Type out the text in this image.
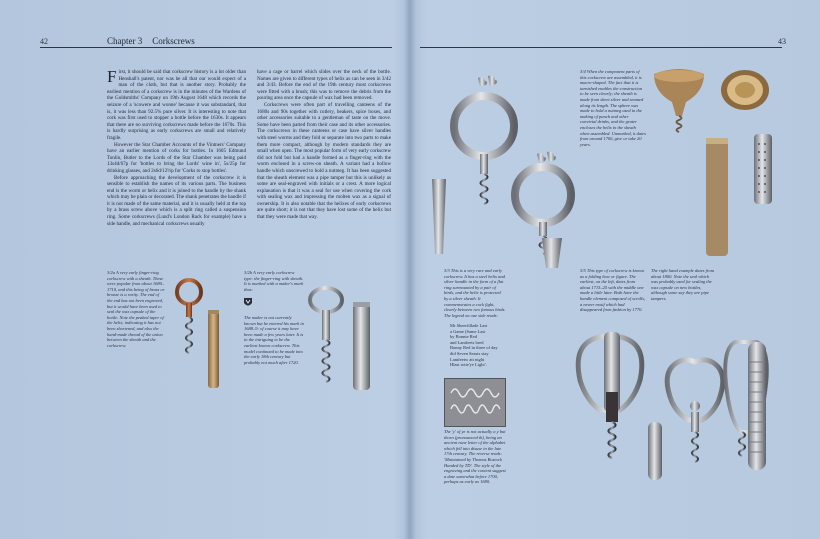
42	Chapter 3 Corkscrews	43
F irst, it should be said that corkscrew history is a lot older than Henshall's patent, nor was he all that our would expect of a man of the cloth, but that is another story. Probably the earliest mention of a corkscrew is in the minutes of the Wardens of the Goldsmiths' Company on 19th August 1648 which records the seizure of a 'scowere and wonne' because it was substandard, that is, it was less than 92.5% pure silver. It is interesting to note that cork was first used to stopper a bottle before the 1630s. It appears that there are no surviving corkscrews made before the 1670s. This is hardly surprising as early corkscrews are small and relatively fragile.

However the Star Chamber Accounts of the Vintners' Company have an earlier mention of corks for bottles. In 1605 Edmund Tonlin, Butler to the Lords of the Star Chamber was being paid 13s4d/67p for 'bottles to bring the Lords' wine in', 5s/25p for drinking glasses, and 2s6d/12½p for 'Corks to stop bottles'.

Before approaching the development of the corkscrew it is sensible to establish the names of its various parts. The business end is the worm or helix and it is joined to the handle by the shank which may be plain or decorated. The shank penetrates the handle if it is not made of the same material, and it is usually held at the top by a brass screw above which is a split ring called a suspension ring. Some corkscrews (Lund's London Rack for example) have a side handle, and mechanical corkscrews usually

have a cage or barrel which slides over the neck of the bottle. Names are given to different types of helix as can be seen in 3/42 and 3/43. Before the end of the 19th century most corkscrews were fitted with a brush; this was to remove the debris from the pouring area once the capsule of wax had been removed.

Corkscrews were often part of travelling canteens of the 1680s and 90s together with cutlery, beakers, spice boxes, and other accessories suitable to a gentleman of taste on the move. Some have been parted from their case and its other accessories. The corkscrews in these canteens or case have silver handles with steel worms and they fold or separate into two parts to make them more compact, although by modern standards they are small when open. The most popular form of very early corkscrew did not fold but had a handle formed as a finger-ring with the worm enclosed in a screw-on sheath. A variant had a hollow handle which unscrewed to hold a nutmeg. It has been suggested that the sheath element was a pipe tamper but this is unlikely as some are seal-engraved with initials or a crest. A more logical explanation is that it was a seal for use when covering the cork with sealing wax and impressing the molten wax as a signal of ownership. It is also notable that the helixes of early corkscrews are quite short; it is not that they have lost some of the helix but that they were made that way.

3/2a A very early finger-ring corkscrew with a sheath. These were popular from about 1680–1710, and this being of brass or bronze is a rarity. The end of the end has not been engraved, but it would have been used to seal the wax capsule of the bottle. Note the peaked taper of the helix, indicating it has not been shortened, and also the hand-made thread of the union between the sheath and the corkscrew.
3/2b A very early corkscrew type: the finger-ring with sheath. It is marked with a maker's mark thus:
The maker is not currently known but he entered his mark in 1688–9: of course it may have been made a few years later. It is in the intriguing to be the earliest known corkscrew. This model continued to be made into the early 18th century but probably not much after 1720.
3/3 This is a very rare and early corkscrew. It has a steel helix and silver handle in the form of a flat ring surmounted by a pair of birds, and the helix is protected by a silver sheath. It commemorates a cock fight, clearly between two famous birds. The legend on one side reads:
Mr Sheerfillade Last
a Game (Same Last
by Bonnie Red
and Lantfeets bred
Bonny Red in three of day
did Seven Seasts stay
Lantfeetw att night
Hlast rotte'ye Light'.
The 'y' of ye is not actually a y but thorn (pronounced th), being an ancient rune letter of the alphabet which fell into disuse in the late 17th century. The reverse reads: 'Maintained by Thomas Bostock Handed by TD'. The style of the engraving and the content suggest a date somewhat before 1700, perhaps as early as 1680.
3/4 When the component parts of this corkscrew are assembled, it is macro-shaped. The fact that it is tarnished enables the construction to be seen clearly; the sheath is made from sheet silver and seamed along its length. The sphere was made to hold a nutmeg used in the making of punch and other convivial drinks, and the grater encloses the helix in the sheath when assembled. Unmarked, it dates from around 1700, give or take 20 years.
3/5 This type of corkscrew is known as a folding bow or figure. The earliest, on the left, dates from about 1715–25 with the middle one made a little later. Both have the handle element composed of scrolls, a newer motif which had disappeared from fashion by 1770.
The right hand example dates from about 1800. Note the seal which was probably used for sealing the wax capsule on new bottles, although some say they are pipe tampers.
